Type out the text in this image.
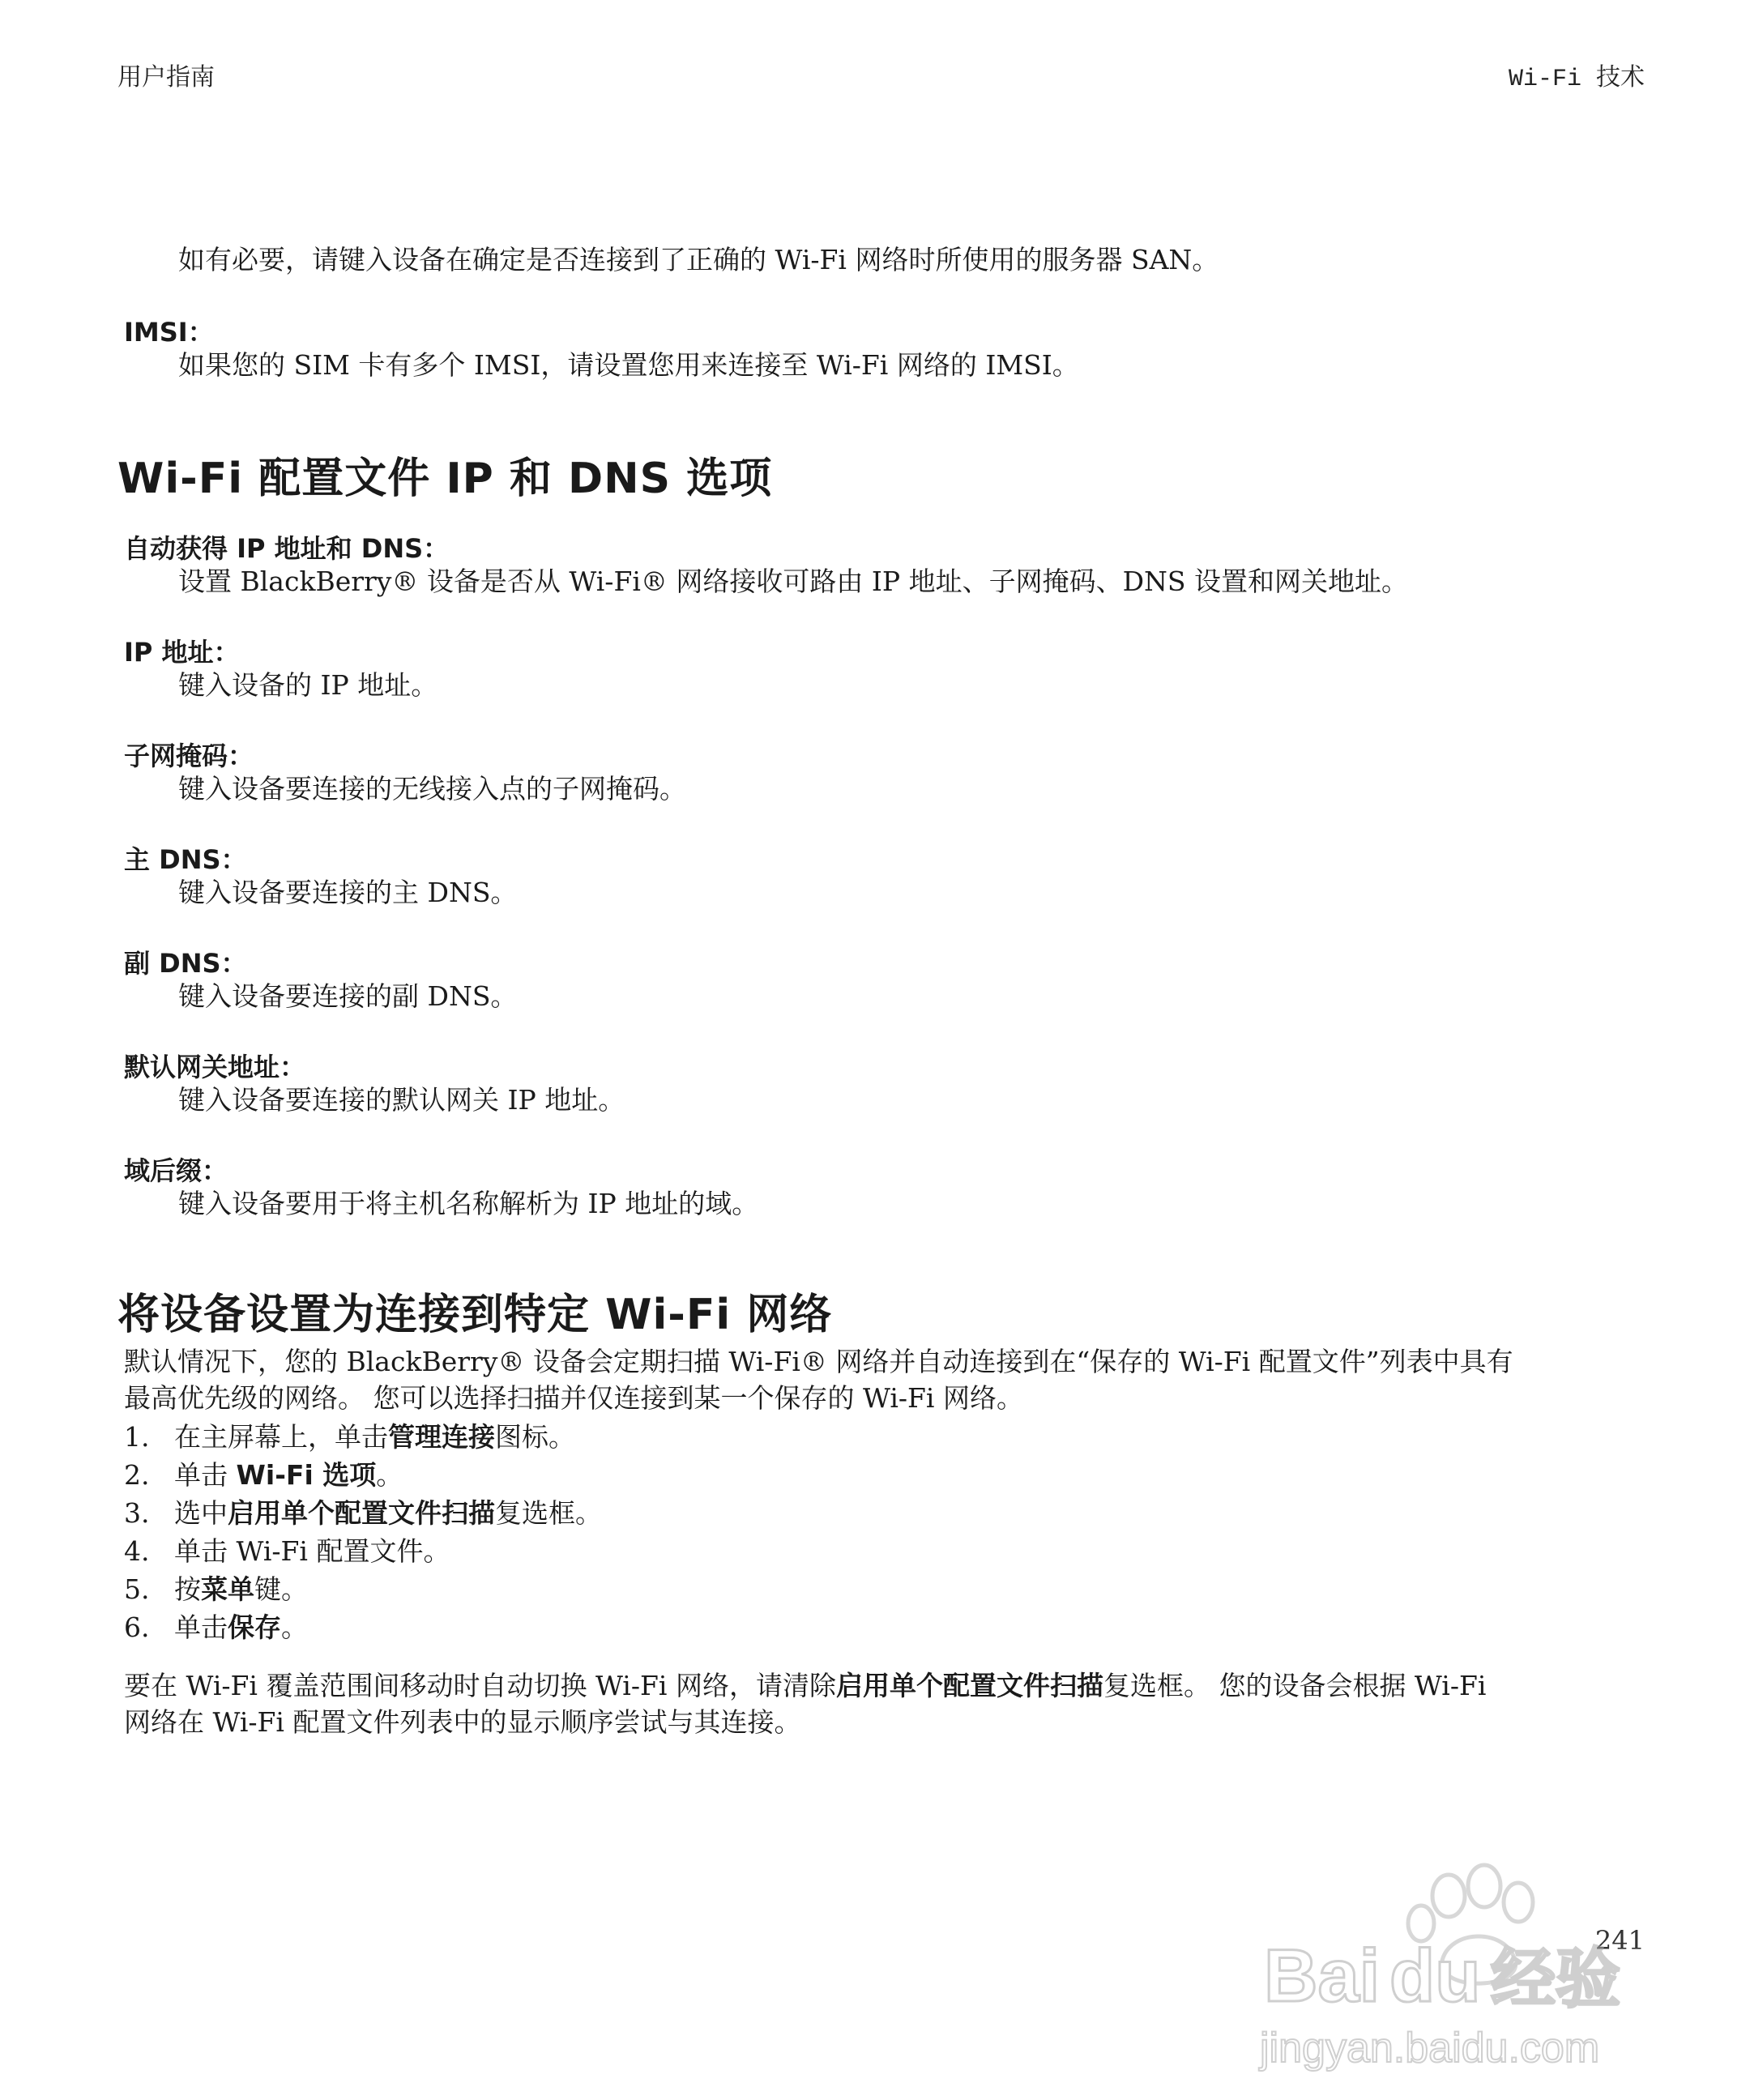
用户指南	Wi-Fi 技术
如有必要，请键入设备在确定是否连接到了正确的 Wi-Fi 网络时所使用的服务器 SAN。
IMSI：
如果您的 SIM 卡有多个 IMSI，请设置您用来连接至 Wi-Fi 网络的 IMSI。
Wi-Fi 配置文件 IP 和 DNS 选项
自动获得 IP 地址和 DNS：
设置 BlackBerry® 设备是否从 Wi-Fi® 网络接收可路由 IP 地址、子网掩码、DNS 设置和网关地址。
IP 地址：
键入设备的 IP 地址。
子网掩码：
键入设备要连接的无线接入点的子网掩码。
主 DNS：
键入设备要连接的主 DNS。
副 DNS：
键入设备要连接的副 DNS。
默认网关地址：
键入设备要连接的默认网关 IP 地址。
域后缀：
键入设备要用于将主机名称解析为 IP 地址的域。
将设备设置为连接到特定 Wi-Fi 网络
默认情况下，您的 BlackBerry® 设备会定期扫描 Wi-Fi® 网络并自动连接到在“保存的 Wi-Fi 配置文件”列表中具有
最高优先级的网络。 您可以选择扫描并仅连接到某一个保存的 Wi-Fi 网络。
1. 在主屏幕上，单击管理连接图标。
2. 单击 Wi-Fi 选项。
3. 选中启用单个配置文件扫描复选框。
4. 单击 Wi-Fi 配置文件。
5. 按菜单键。
6. 单击保存。
要在 Wi-Fi 覆盖范围间移动时自动切换 Wi-Fi 网络，请清除启用单个配置文件扫描复选框。 您的设备会根据 Wi-Fi
网络在 Wi-Fi 配置文件列表中的显示顺序尝试与其连接。
241
Bai du 经验
jingyan.baidu.com
